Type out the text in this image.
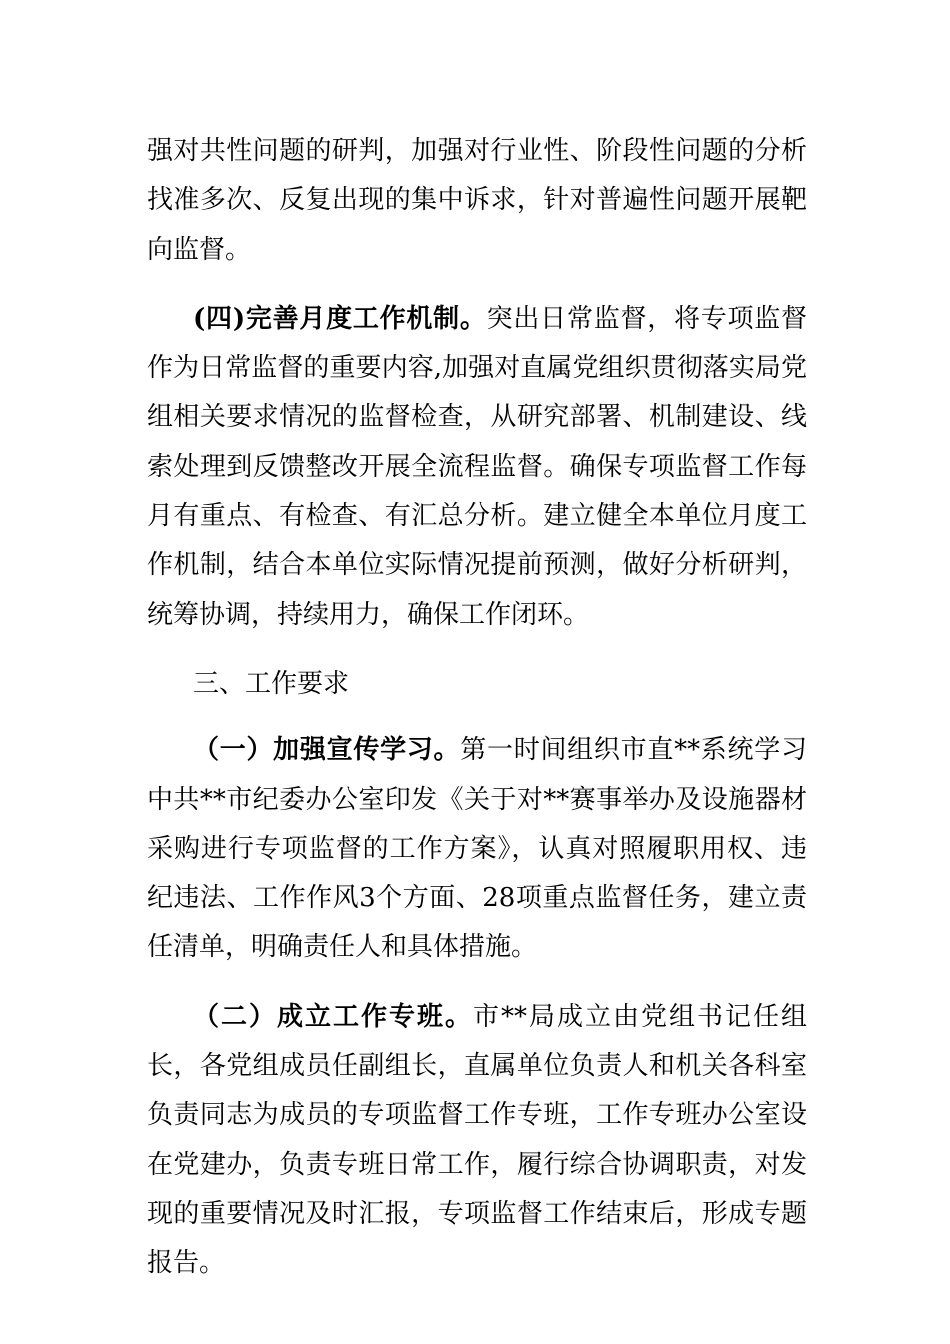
强对共性问题的研判，加强对行业性、阶段性问题的分析找准多次、反复出现的集中诉求，针对普遍性问题开展靶向监督。

(四)完善月度工作机制。突出日常监督，将专项监督作为日常监督的重要内容,加强对直属党组织贯彻落实局党组相关要求情况的监督检查，从研究部署、机制建设、线索处理到反馈整改开展全流程监督。确保专项监督工作每月有重点、有检查、有汇总分析。建立健全本单位月度工作机制，结合本单位实际情况提前预测，做好分析研判，统筹协调，持续用力，确保工作闭环。

三、工作要求

（一）加强宣传学习。第一时间组织市直**系统学习中共**市纪委办公室印发《关于对**赛事举办及设施器材采购进行专项监督的工作方案》，认真对照履职用权、违纪违法、工作作风3个方面、28项重点监督任务，建立责任清单，明确责任人和具体措施。

（二）成立工作专班。市**局成立由党组书记任组长，各党组成员任副组长，直属单位负责人和机关各科室负责同志为成员的专项监督工作专班，工作专班办公室设在党建办，负责专班日常工作，履行综合协调职责，对发现的重要情况及时汇报，专项监督工作结束后，形成专题报告。
